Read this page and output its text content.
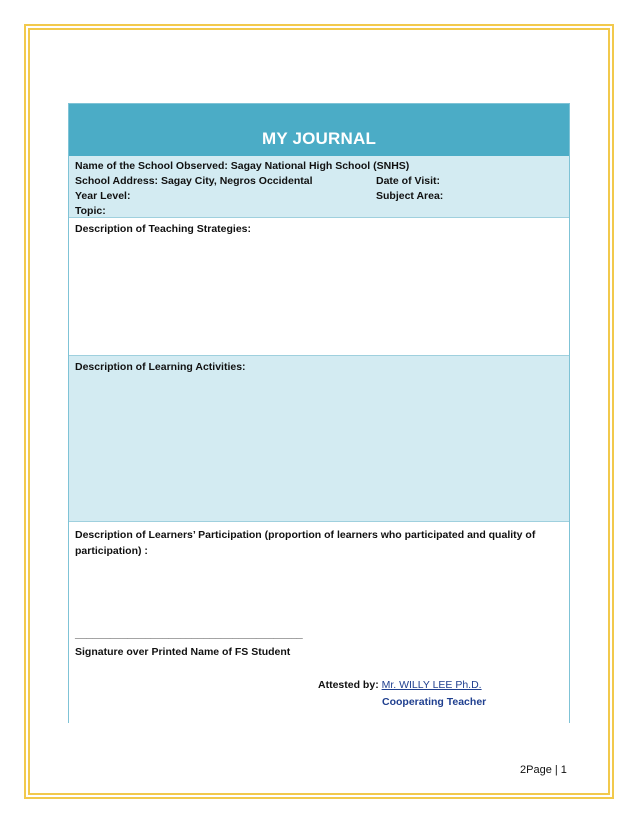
MY JOURNAL
Name of the School Observed: Sagay National High School (SNHS)
School Address: Sagay City, Negros Occidental	Date of Visit:
Year Level:	Subject Area:
Topic:
Description of Teaching Strategies:
Description of Learning Activities:
Description of Learners’ Participation (proportion of learners who participated and quality of participation) :
_______________________________________
Signature over Printed Name of FS Student
Attested by: Mr. WILLY LEE Ph.D.
Cooperating Teacher
2Page | 1
